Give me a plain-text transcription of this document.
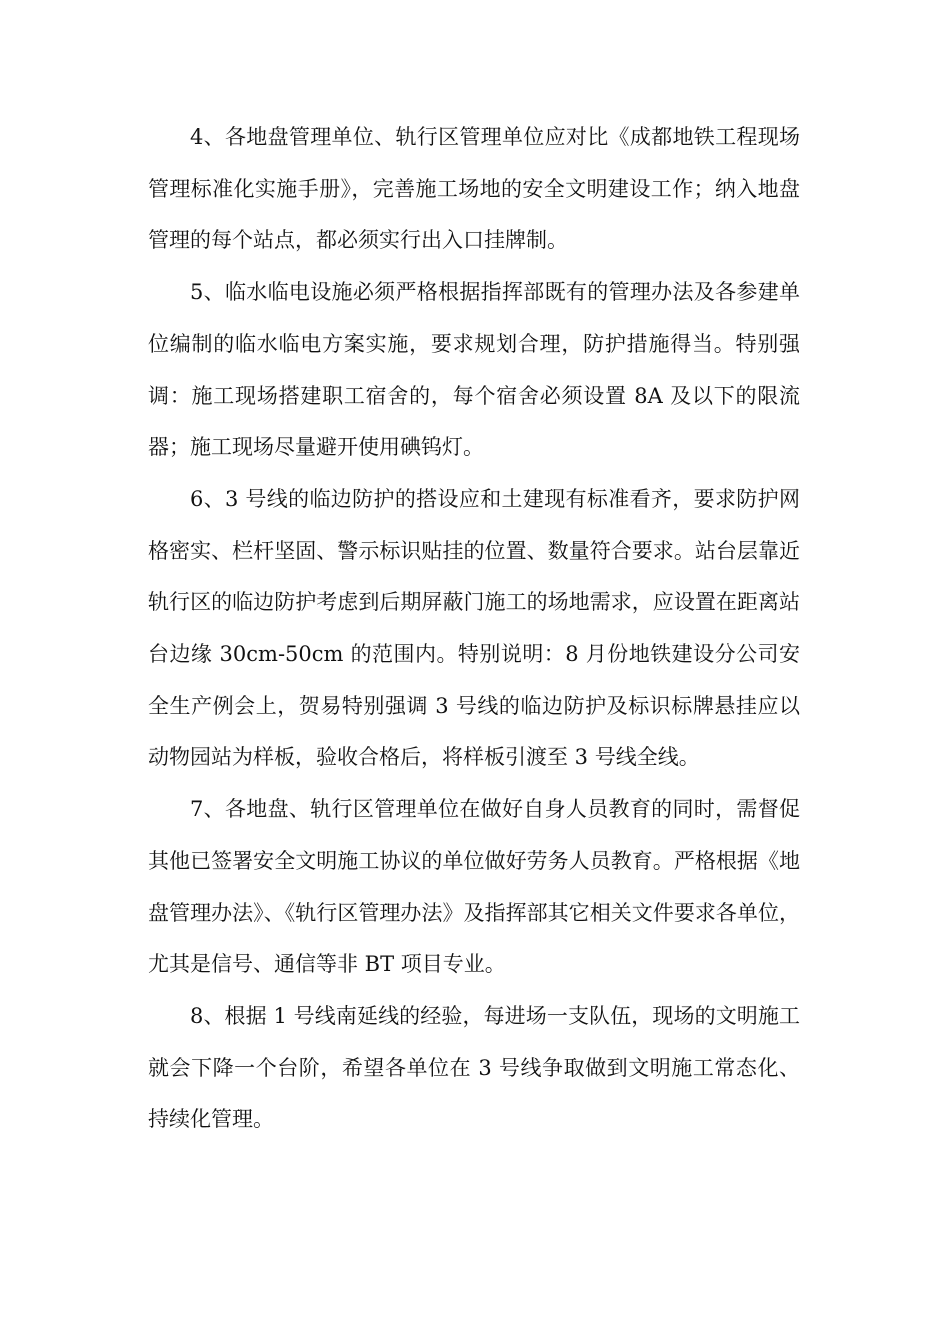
4、各地盘管理单位、轨行区管理单位应对比《成都地铁工程现场管理标准化实施手册》，完善施工场地的安全文明建设工作；纳入地盘管理的每个站点，都必须实行出入口挂牌制。

5、临水临电设施必须严格根据指挥部既有的管理办法及各参建单位编制的临水临电方案实施，要求规划合理，防护措施得当。特别强调：施工现场搭建职工宿舍的，每个宿舍必须设置 8A 及以下的限流器；施工现场尽量避开使用碘钨灯。

6、3 号线的临边防护的搭设应和土建现有标准看齐，要求防护网格密实、栏杆坚固、警示标识贴挂的位置、数量符合要求。站台层靠近轨行区的临边防护考虑到后期屏蔽门施工的场地需求，应设置在距离站台边缘 30cm-50cm 的范围内。特别说明：8 月份地铁建设分公司安全生产例会上，贺易特别强调 3 号线的临边防护及标识标牌悬挂应以动物园站为样板，验收合格后，将样板引渡至 3 号线全线。

7、各地盘、轨行区管理单位在做好自身人员教育的同时，需督促其他已签署安全文明施工协议的单位做好劳务人员教育。严格根据《地盘管理办法》、《轨行区管理办法》及指挥部其它相关文件要求各单位，尤其是信号、通信等非 BT 项目专业。

8、根据 1 号线南延线的经验，每进场一支队伍，现场的文明施工就会下降一个台阶，希望各单位在 3 号线争取做到文明施工常态化、持续化管理。
